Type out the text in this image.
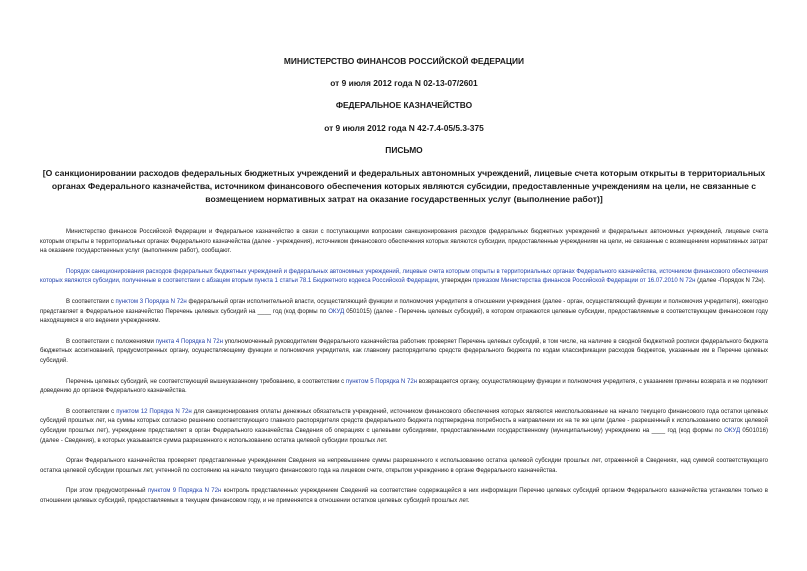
МИНИСТЕРСТВО ФИНАНСОВ РОССИЙСКОЙ ФЕДЕРАЦИИ
от 9 июля 2012 года N 02-13-07/2601
ФЕДЕРАЛЬНОЕ КАЗНАЧЕЙСТВО
от 9 июля 2012 года N 42-7.4-05/5.3-375
ПИСЬМО
[О санкционировании расходов федеральных бюджетных учреждений и федеральных автономных учреждений, лицевые счета которым открыты в территориальных органах Федерального казначейства, источником финансового обеспечения которых являются субсидии, предоставленные учреждениям на цели, не связанные с возмещением нормативных затрат на оказание государственных услуг (выполнение работ)]

Министерство финансов Российской Федерации и Федеральное казначейство в связи с поступающими вопросами санкционирования расходов федеральных бюджетных учреждений и федеральных автономных учреждений, лицевые счета которым открыты в территориальных органах Федерального казначейства (далее - учреждения), источником финансового обеспечения которых являются субсидии, предоставленные учреждениям на цели, не связанные с возмещением нормативных затрат на оказание государственных услуг (выполнение работ), сообщают.

Порядок санкционирования расходов федеральных бюджетных учреждений и федеральных автономных учреждений, лицевые счета которым открыты в территориальных органах Федерального казначейства, источником финансового обеспечения которых являются субсидии, полученные в соответствии с абзацем вторым пункта 1 статьи 78.1 Бюджетного кодекса Российской Федерации, утвержден приказом Министерства финансов Российской Федерации от 16.07.2010 N 72н (далее -Порядок N 72н).

В соответствии с пунктом 3 Порядка N 72н федеральный орган исполнительной власти, осуществляющий функции и полномочия учредителя в отношении учреждения (далее - орган, осуществляющий функции и полномочия учредителя), ежегодно представляет в Федеральное казначейство Перечень целевых субсидий на ____ год (код формы по ОКУД 0501015) (далее - Перечень целевых субсидий), в котором отражаются целевые субсидии, предоставляемые в соответствующем финансовом году находящимся в его ведении учреждениям.

В соответствии с положениями пункта 4 Порядка N 72н уполномоченный руководителем Федерального казначейства работник проверяет Перечень целевых субсидий, в том числе, на наличие в сводной бюджетной росписи федерального бюджета бюджетных ассигнований, предусмотренных органу, осуществляющему функции и полномочия учредителя, как главному распорядителю средств федерального бюджета по кодам классификации расходов бюджетов, указанным им в Перечне целевых субсидий.

Перечень целевых субсидий, не соответствующий вышеуказанному требованию, в соответствии с пунктом 5 Порядка N 72н возвращается органу, осуществляющему функции и полномочия учредителя, с указанием причины возврата и не подлежит доведению до органов Федерального казначейства.

В соответствии с пунктом 12 Порядка N 72н для санкционирования оплаты денежных обязательств учреждений, источником финансового обеспечения которых являются неиспользованные на начало текущего финансового года остатки целевых субсидий прошлых лет, на суммы которых согласно решению соответствующего главного распорядителя средств федерального бюджета подтверждена потребность в направлении их на те же цели (далее - разрешенный к использованию остаток целевой субсидии прошлых лет), учреждение представляет в орган Федерального казначейства Сведения об операциях с целевыми субсидиями, предоставленными государственному (муниципальному) учреждению на ____ год (код формы по ОКУД 0501016) (далее - Сведения), в которых указывается сумма разрешенного к использованию остатка целевой субсидии прошлых лет.

Орган Федерального казначейства проверяет представленные учреждением Сведения на непревышение суммы разрешенного к использованию остатка целевой субсидии прошлых лет, отраженной в Сведениях, над суммой соответствующего остатка целевой субсидии прошлых лет, учтенной по состоянию на начало текущего финансового года на лицевом счете, открытом учреждению в органе Федерального казначейства.

При этом предусмотренный пунктом 9 Порядка N 72н контроль представленных учреждением Сведений на соответствие содержащейся в них информации Перечню целевых субсидий органом Федерального казначейства установлен только в отношении целевых субсидий, предоставляемых в текущем финансовом году, и не применяется в отношении остатков целевых субсидий прошлых лет.
